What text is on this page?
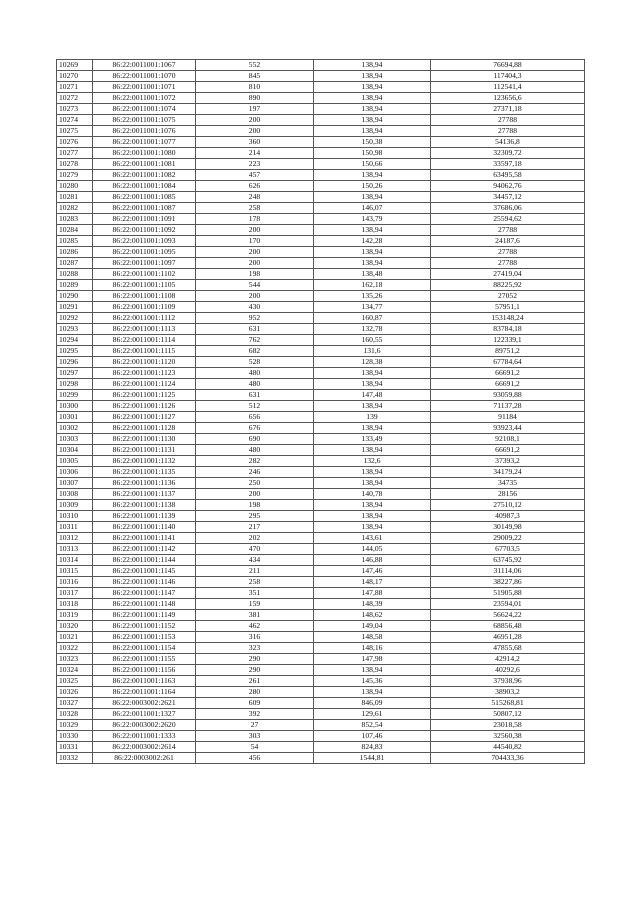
10269	86:22:0011001:1067	552	138,94	76694,88
10270	86:22:0011001:1070	845	138,94	117404,3
10271	86:22:0011001:1071	810	138,94	112541,4
10272	86:22:0011001:1072	890	138,94	123656,6
10273	86:22:0011001:1074	197	138,94	27371,18
10274	86:22:0011001:1075	200	138,94	27788
10275	86:22:0011001:1076	200	138,94	27788
10276	86:22:0011001:1077	360	150,38	54136,8
10277	86:22:0011001:1080	214	150,98	32309,72
10278	86:22:0011001:1081	223	150,66	33597,18
10279	86:22:0011001:1082	457	138,94	63495,58
10280	86:22:0011001:1084	626	150,26	94062,76
10281	86:22:0011001:1085	248	138,94	34457,12
10282	86:22:0011001:1087	258	146,07	37686,06
10283	86:22:0011001:1091	178	143,79	25594,62
10284	86:22:0011001:1092	200	138,94	27788
10285	86:22:0011001:1093	170	142,28	24187,6
10286	86:22:0011001:1095	200	138,94	27788
10287	86:22:0011001:1097	200	138,94	27788
10288	86:22:0011001:1102	198	138,48	27419,04
10289	86:22:0011001:1105	544	162,18	88225,92
10290	86:22:0011001:1108	200	135,26	27052
10291	86:22:0011001:1109	430	134,77	57951,1
10292	86:22:0011001:1112	952	160,87	153148,24
10293	86:22:0011001:1113	631	132,78	83784,18
10294	86:22:0011001:1114	762	160,55	122339,1
10295	86:22:0011001:1115	682	131,6	89751,2
10296	86:22:0011001:1120	528	128,38	67784,64
10297	86:22:0011001:1123	480	138,94	66691,2
10298	86:22:0011001:1124	480	138,94	66691,2
10299	86:22:0011001:1125	631	147,48	93059,88
10300	86:22:0011001:1126	512	138,94	71137,28
10301	86:22:0011001:1127	656	139	91184
10302	86:22:0011001:1128	676	138,94	93923,44
10303	86:22:0011001:1130	690	133,49	92108,1
10304	86:22:0011001:1131	480	138,94	66691,2
10305	86:22:0011001:1132	282	132,6	37393,2
10306	86:22:0011001:1135	246	138,94	34179,24
10307	86:22:0011001:1136	250	138,94	34735
10308	86:22:0011001:1137	200	140,78	28156
10309	86:22:0011001:1138	198	138,94	27510,12
10310	86:22:0011001:1139	295	138,94	40987,3
10311	86:22:0011001:1140	217	138,94	30149,98
10312	86:22:0011001:1141	202	143,61	29009,22
10313	86:22:0011001:1142	470	144,05	67703,5
10314	86:22:0011001:1144	434	146,88	63745,92
10315	86:22:0011001:1145	211	147,46	31114,06
10316	86:22:0011001:1146	258	148,17	38227,86
10317	86:22:0011001:1147	351	147,88	51905,88
10318	86:22:0011001:1148	159	148,39	23594,01
10319	86:22:0011001:1149	381	148,62	56624,22
10320	86:22:0011001:1152	462	149,04	68856,48
10321	86:22:0011001:1153	316	148,58	46951,28
10322	86:22:0011001:1154	323	148,16	47855,68
10323	86:22:0011001:1155	290	147,98	42914,2
10324	86:22:0011001:1156	290	138,94	40292,6
10325	86:22:0011001:1163	261	145,36	37938,96
10326	86:22:0011001:1164	280	138,94	38903,2
10327	86:22:0003002:2621	609	846,09	515268,81
10328	86:22:0011001:1327	392	129,61	50807,12
10329	86:22:0003002:2620	27	852,54	23018,58
10330	86:22:0011001:1333	303	107,46	32560,38
10331	86:22:0003002:2614	54	824,83	44540,82
10332	86:22:0003002:261	456	1544,81	704433,36
